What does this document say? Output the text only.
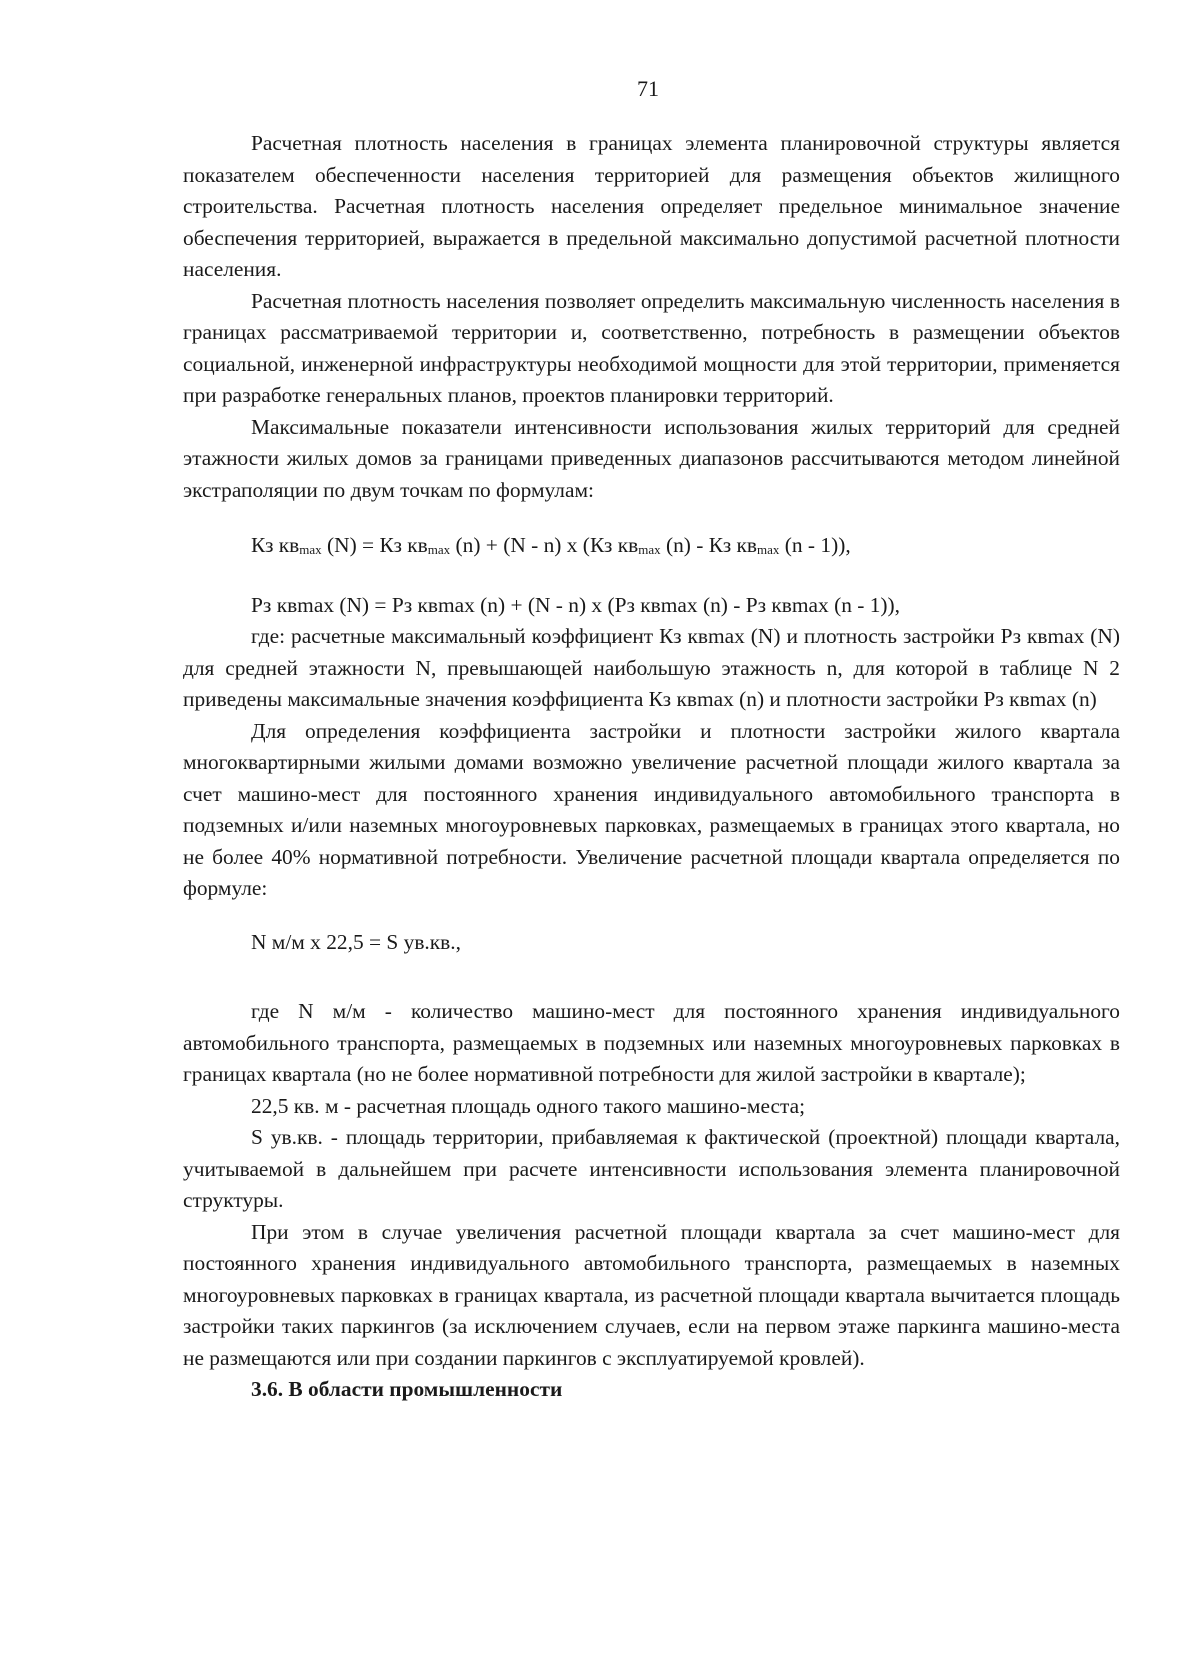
71

Расчетная плотность населения в границах элемента планировочной структуры является показателем обеспеченности населения территорией для размещения объектов жилищного строительства. Расчетная плотность населения определяет предельное минимальное значение обеспечения территорией, выражается в предельной максимально допустимой расчетной плотности населения.

Расчетная плотность населения позволяет определить максимальную численность населения в границах рассматриваемой территории и, соответственно, потребность в размещении объектов социальной, инженерной инфраструктуры необходимой мощности для этой территории, применяется при разработке генеральных планов, проектов планировки территорий.

Максимальные показатели интенсивности использования жилых территорий для средней этажности жилых домов за границами приведенных диапазонов рассчитываются методом линейной экстраполяции по двум точкам по формулам:

Кз $кв_{max}$ (N) = Кз $кв_{max}$ (n) + (N - n) x (Кз $кв_{max}$ (n) - Кз $кв_{max}$ (n - 1)),

Рз квmax (N) = Рз квmax (n) + (N - n) x (Рз квmax (n) - Рз квmax (n - 1)),

где: расчетные максимальный коэффициент Кз квmax (N) и плотность застройки Рз квmax (N) для средней этажности N, превышающей наибольшую этажность n, для которой в таблице N 2 приведены максимальные значения коэффициента Кз квmax (n) и плотности застройки Рз квmax (n)

Для определения коэффициента застройки и плотности застройки жилого квартала многоквартирными жилыми домами возможно увеличение расчетной площади жилого квартала за счет машино-мест для постоянного хранения индивидуального автомобильного транспорта в подземных и/или наземных многоуровневых парковках, размещаемых в границах этого квартала, но не более 40% нормативной потребности. Увеличение расчетной площади квартала определяется по формуле:

N м/м x 22,5 = S ув.кв.,

где N м/м - количество машино-мест для постоянного хранения индивидуального автомобильного транспорта, размещаемых в подземных или наземных многоуровневых парковках в границах квартала (но не более нормативной потребности для жилой застройки в квартале);

22,5 кв. м - расчетная площадь одного такого машино-места;

S ув.кв. - площадь территории, прибавляемая к фактической (проектной) площади квартала, учитываемой в дальнейшем при расчете интенсивности использования элемента планировочной структуры.

При этом в случае увеличения расчетной площади квартала за счет машино-мест для постоянного хранения индивидуального автомобильного транспорта, размещаемых в наземных многоуровневых парковках в границах квартала, из расчетной площади квартала вычитается площадь застройки таких паркингов (за исключением случаев, если на первом этаже паркинга машино-места не размещаются или при создании паркингов с эксплуатируемой кровлей).

3.6. В области промышленности
